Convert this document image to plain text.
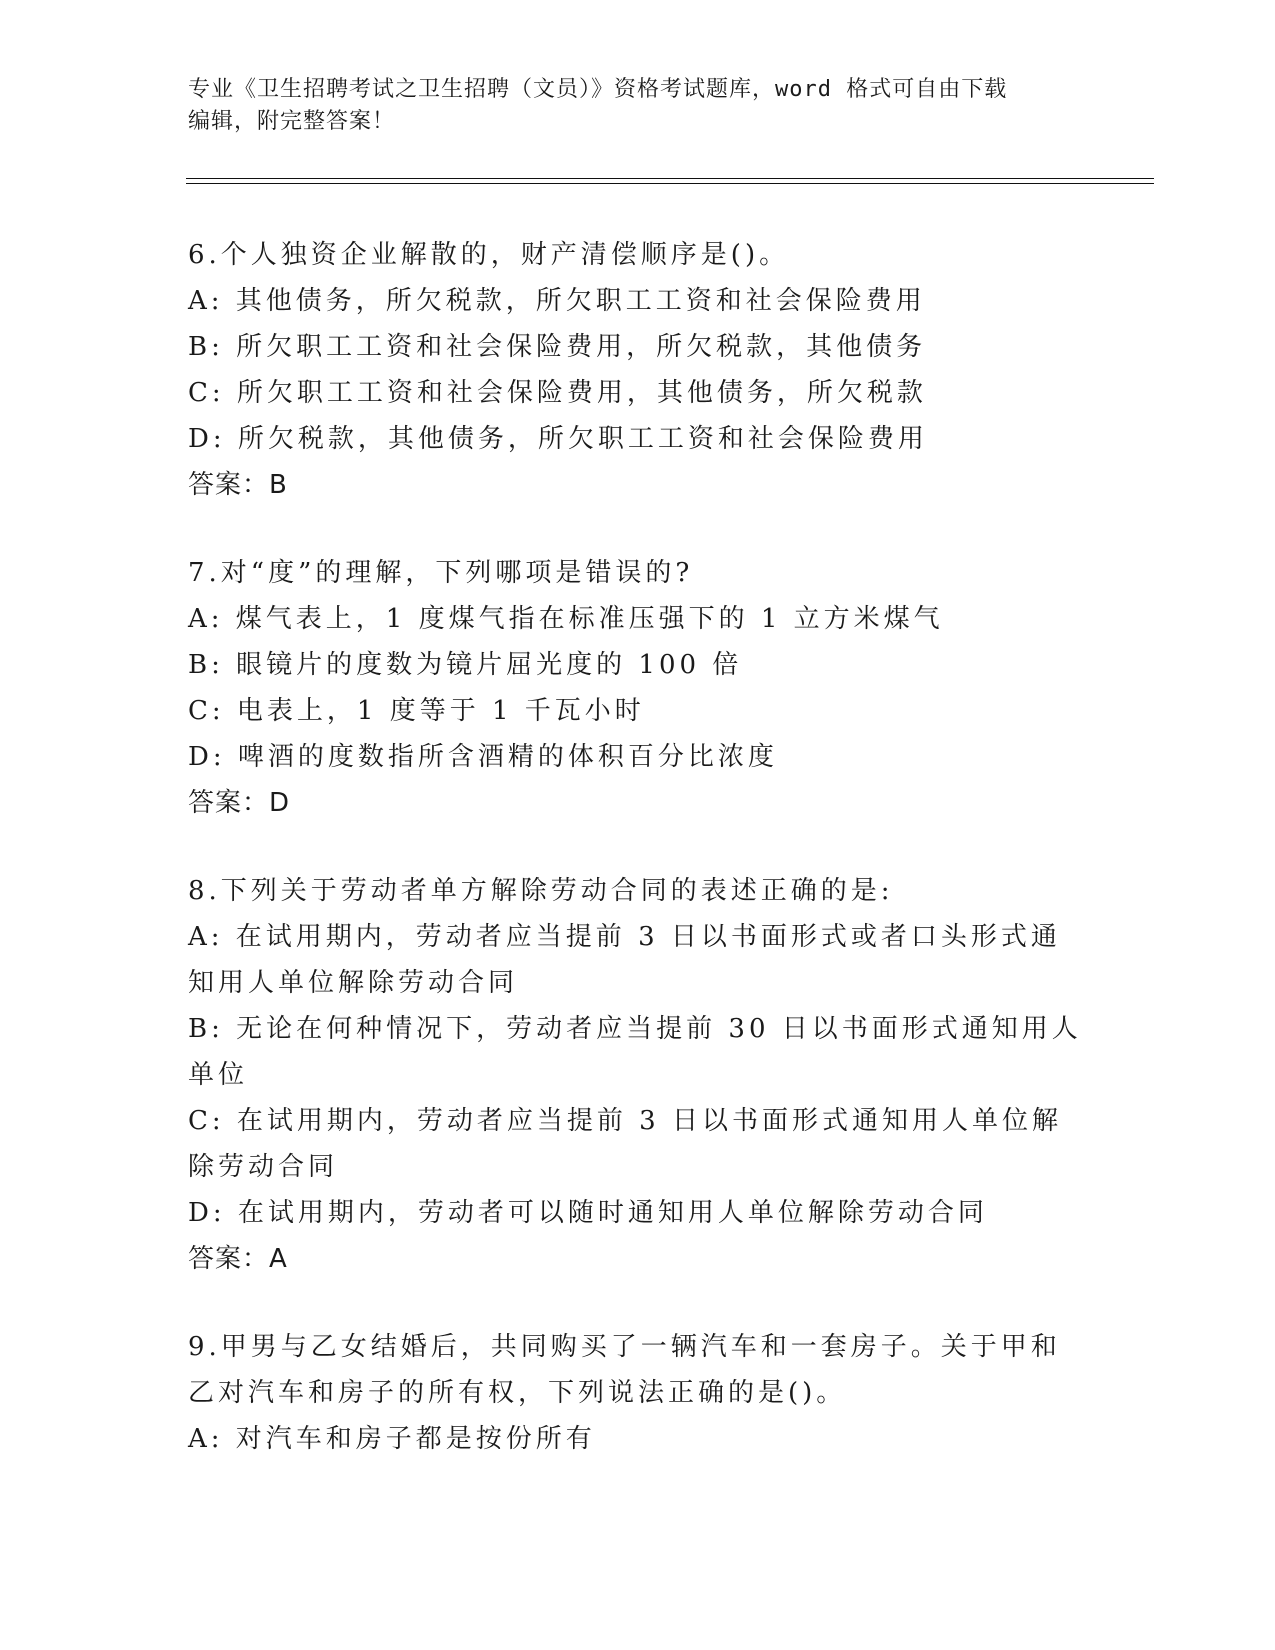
专业《卫生招聘考试之卫生招聘（文员）》资格考试题库，word 格式可自由下载
编辑，附完整答案！
6.个人独资企业解散的，财产清偿顺序是()。
A: 其他债务，所欠税款，所欠职工工资和社会保险费用
B: 所欠职工工资和社会保险费用，所欠税款，其他债务
C: 所欠职工工资和社会保险费用，其他债务，所欠税款
D: 所欠税款，其他债务，所欠职工工资和社会保险费用
答案：B
7.对“度”的理解，下列哪项是错误的?
A: 煤气表上，1 度煤气指在标准压强下的 1 立方米煤气
B: 眼镜片的度数为镜片屈光度的 100 倍
C: 电表上，1 度等于 1 千瓦小时
D: 啤酒的度数指所含酒精的体积百分比浓度
答案：D
8.下列关于劳动者单方解除劳动合同的表述正确的是:
A: 在试用期内，劳动者应当提前 3 日以书面形式或者口头形式通知用人单位解除劳动合同
B: 无论在何种情况下，劳动者应当提前 30 日以书面形式通知用人单位
C: 在试用期内，劳动者应当提前 3 日以书面形式通知用人单位解除劳动合同
D: 在试用期内，劳动者可以随时通知用人单位解除劳动合同
答案：A
9.甲男与乙女结婚后，共同购买了一辆汽车和一套房子。关于甲和乙对汽车和房子的所有权，下列说法正确的是()。
A: 对汽车和房子都是按份所有
